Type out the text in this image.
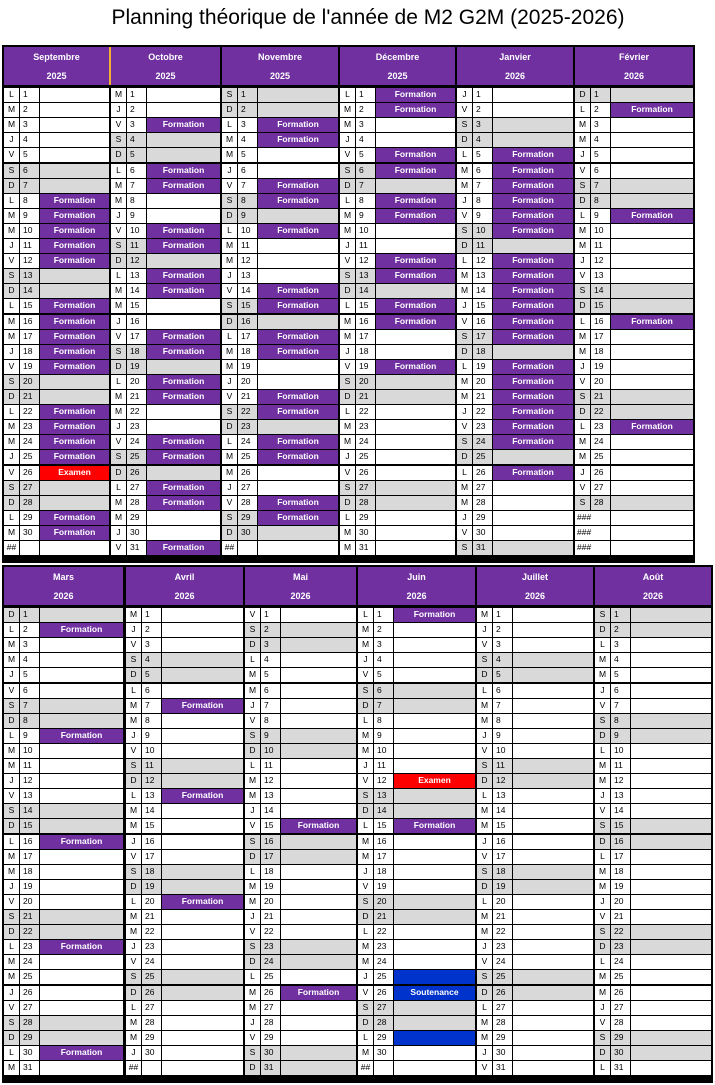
Planning théorique de l'année de M2 G2M (2025-2026)
Septembre
2025
L	1
M 2
M 3
J	4
V	5
S	6
D 7
L	8	Formation
M 9	Formation
M 10	Formation
J	11	Formation
V	12	Formation
S	13
D 14
L	15	Formation
M 16	Formation
M 17	Formation
J	18	Formation
V	19	Formation
S	20
D 21
L	22	Formation
M 23	Formation
M 24	Formation
J	25	Formation
V	26	Examen
S	27
D 28
L	29	Formation
M 30	Formation
##
Octobre
2025
M 1
J	2
V	3	Formation
S	4
D 5
L	6	Formation
M 7	Formation
M 8
J	9
V	10	Formation
S	11	Formation
D 12
L	13	Formation
M 14	Formation
M 15
J	16
V	17	Formation
S	18	Formation
D 19
L	20	Formation
M 21	Formation
M 22
J	23
V	24	Formation
S	25	Formation
D 26
L	27	Formation
M 28	Formation
M 29
J	30
V	31	Formation
Novembre
2025
S	1
D 2
L	3	Formation
M 4	Formation
M 5
J	6
V	7	Formation
S	8	Formation
D 9
L	10	Formation
M 11
M 12
J	13
V	14	Formation
S	15	Formation
D 16
L	17	Formation
M 18	Formation
M 19
J	20
V	21	Formation
S	22	Formation
D 23
L	24	Formation
M 25	Formation
M 26
J	27
V	28	Formation
S	29	Formation
D 30
##
Décembre
2025
L	1	Formation
M 2	Formation
M 3
J	4
V	5	Formation
S	6	Formation
D 7
L	8	Formation
M 9	Formation
M 10
J	11
V	12	Formation
S	13	Formation
D 14
L	15	Formation
M 16	Formation
M 17
J	18
V	19	Formation
S	20
D 21
L	22
M 23
M 24
J	25
V	26
S	27
D 28
L	29
M 30
M 31
Janvier
2026
J	1
V	2
S	3
D 4
L	5	Formation
M 6	Formation
M 7	Formation
J	8	Formation
V	9	Formation
S	10	Formation
D 11
L	12	Formation
M 13	Formation
M 14	Formation
J	15	Formation
V	16	Formation
S	17	Formation
D 18
L	19	Formation
M 20	Formation
M 21	Formation
J	22	Formation
V	23	Formation
S	24	Formation
D 25
L	26	Formation
M 27
M 28
J	29
V	30
S	31
Février
2026
D 1
L	2	Formation
M 3
M 4
J	5
V	6
S	7
D 8
L	9	Formation
M 10
M 11
J	12
V	13
S	14
D 15
L	16	Formation
M 17
M 18
J	19
V	20
S	21
D 22
L	23	Formation
M 24
M 25
J	26
V	27
S	28
###
###
###
Mars
2026
D 1
L	2	Formation
M 3
M 4
J	5
V	6
S	7
D 8
L	9	Formation
M 10
M 11
J	12
V	13
S	14
D 15
L	16	Formation
M 17
M 18
J	19
V	20
S	21
D 22
L	23	Formation
M 24
M 25
J	26
V	27
S	28
D 29
L	30	Formation
M 31
Avril
2026
M 1
J	2
V	3
S	4
D 5
L	6
M 7	Formation
M 8
J	9
V	10
S	11
D 12
L	13	Formation
M 14
M 15
J	16
V	17
S	18
D 19
L	20	Formation
M 21
M 22
J	23
V	24
S	25
D 26
L	27
M 28
M 29
J	30
##
Mai
2026
V	1
S	2
D 3
L	4
M 5
M 6
J	7
V	8
S	9
D 10
L	11
M 12
M 13
J	14
V	15	Formation
S	16
D 17
L	18
M 19
M 20
J	21
V	22
S	23
D 24
L	25
M 26	Formation
M 27
J	28
V	29
S	30
D 31
Juin
2026
L	1	Formation
M 2
M 3
J	4
V	5
S	6
D 7
L	8
M 9
M 10
J	11
V	12	Examen
S	13
D 14
L	15	Formation
M 16
M 17
J	18
V	19
S	20
D 21
L	22
M 23
M 24
J	25
V	26	Soutenance
S	27
D 28
L	29
M 30
##
Juillet
2026
M 1
J	2
V	3
S	4
D 5
L	6
M 7
M 8
J	9
V	10
S	11
D 12
L	13
M 14
M 15
J	16
V	17
S	18
D 19
L	20
M 21
M 22
J	23
V	24
S	25
D 26
L	27
M 28
M 29
J	30
V	31
Août
2026
S	1
D 2
L	3
M 4
M 5
J	6
V	7
S	8
D 9
L	10
M 11
M 12
J	13
V	14
S	15
D 16
L	17
M 18
M 19
J	20
V	21
S	22
D 23
L	24
M 25
M 26
J	27
V	28
S	29
D 30
L	31
